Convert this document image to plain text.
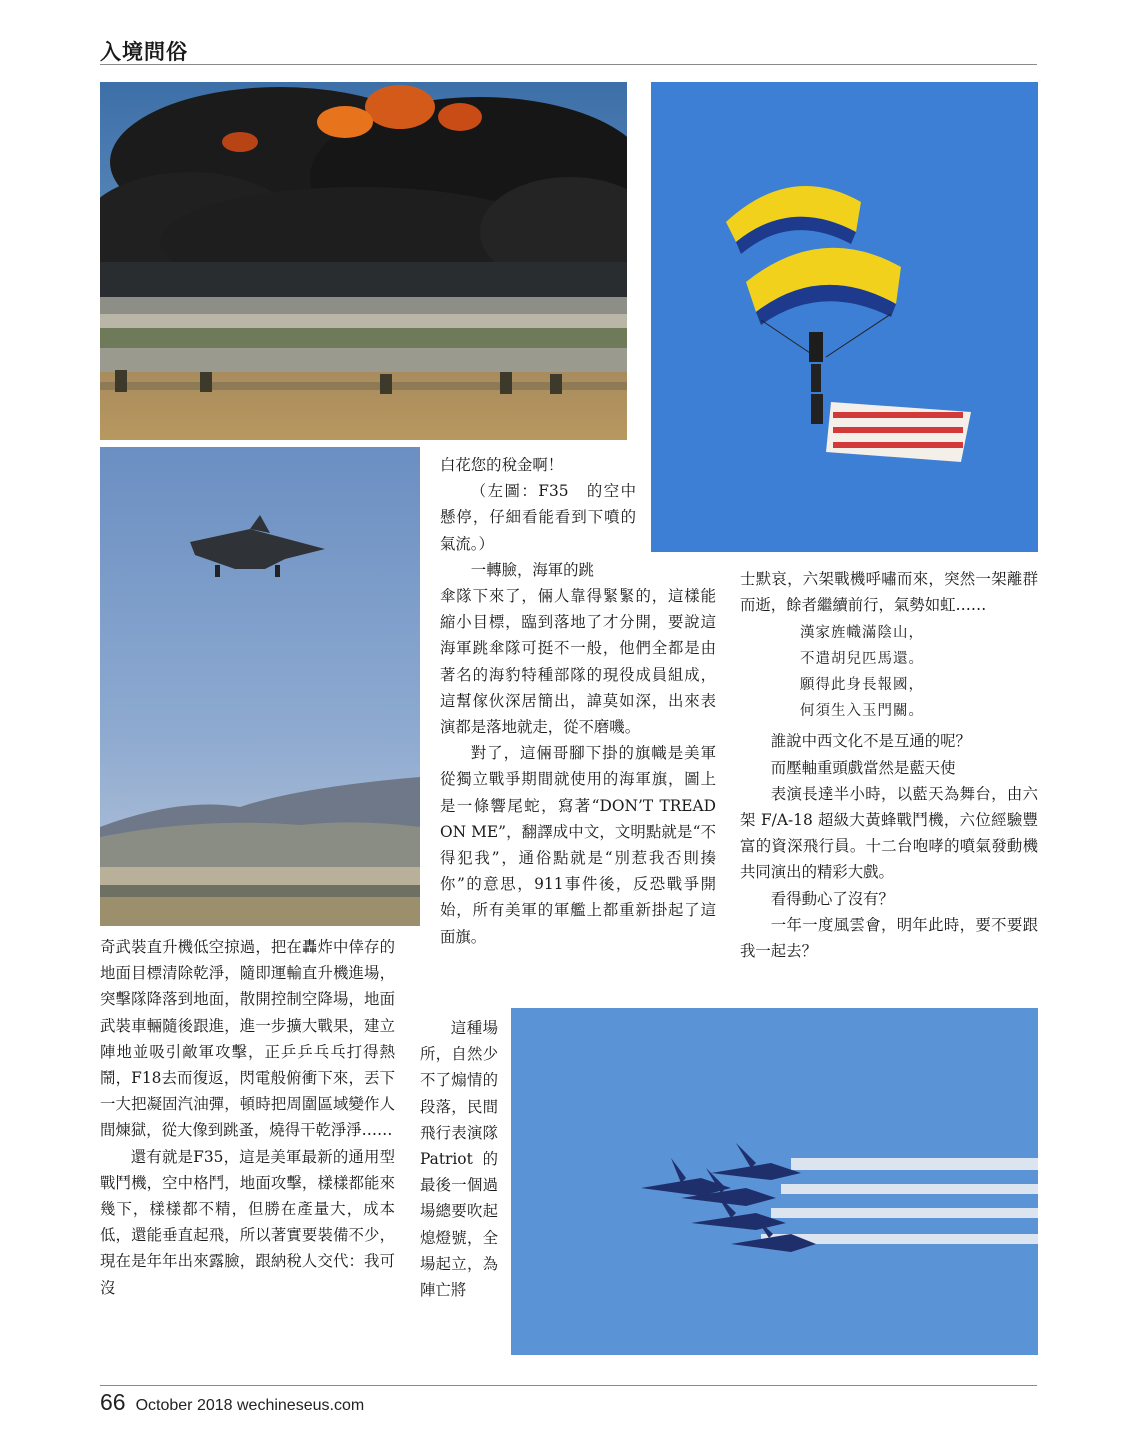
入境問俗

奇武裝直升機低空掠過，把在轟炸中倖存的地面目標清除乾淨，隨即運輸直升機進場，突擊隊降落到地面，散開控制空降場，地面武裝車輛隨後跟進，進一步擴大戰果，建立陣地並吸引敵軍攻擊，正乒乒乓乓打得熱鬧，F18去而復返，閃電般俯衝下來，丟下一大把凝固汽油彈，頓時把周圍區域變作人間煉獄，從大像到跳蚤，燒得干乾淨淨……

還有就是F35，這是美軍最新的通用型戰鬥機，空中格鬥，地面攻擊，樣樣都能來幾下，樣樣都不精，但勝在產量大，成本低，還能垂直起飛，所以著實要裝備不少，現在是年年出來露臉，跟納稅人交代：我可沒

白花您的稅金啊！

（左圖：F35　的空中懸停，仔細看能看到下噴的氣流。）

一轉臉，海軍的跳

傘隊下來了，倆人靠得緊緊的，這樣能縮小目標，臨到落地了才分開，要說這海軍跳傘隊可挺不一般，他們全都是由著名的海豹特種部隊的現役成員組成，這幫傢伙深居簡出，諱莫如深，出來表演都是落地就走，從不磨嘰。

對了，這倆哥腳下掛的旗幟是美軍從獨立戰爭期間就使用的海軍旗，圖上是一條響尾蛇，寫著“DON’T TREAD ON ME”，翻譯成中文，文明點就是“不得犯我”，通俗點就是“別惹我否則揍你”的意思，911事件後，反恐戰爭開始，所有美軍的軍艦上都重新掛起了這面旗。

這種場所，自然少不了煽情的段落，民間飛行表演隊Patriot的最後一個過場總要吹起熄燈號，全場起立，為陣亡將

士默哀，六架戰機呼嘯而來，突然一架離群而逝，餘者繼續前行，氣勢如虹……

漢家旌幟滿陰山，
不遣胡兒匹馬還。
願得此身長報國，
何須生入玉門關。

誰說中西文化不是互通的呢？

而壓軸重頭戲當然是藍天使

表演長達半小時，以藍天為舞台，由六架 F/A-18 超級大黃蜂戰鬥機，六位經驗豐富的資深飛行員。十二台咆哮的噴氣發動機共同演出的精彩大戲。

看得動心了沒有？

一年一度風雲會，明年此時，要不要跟我一起去？

66 October 2018 wechineseus.com
